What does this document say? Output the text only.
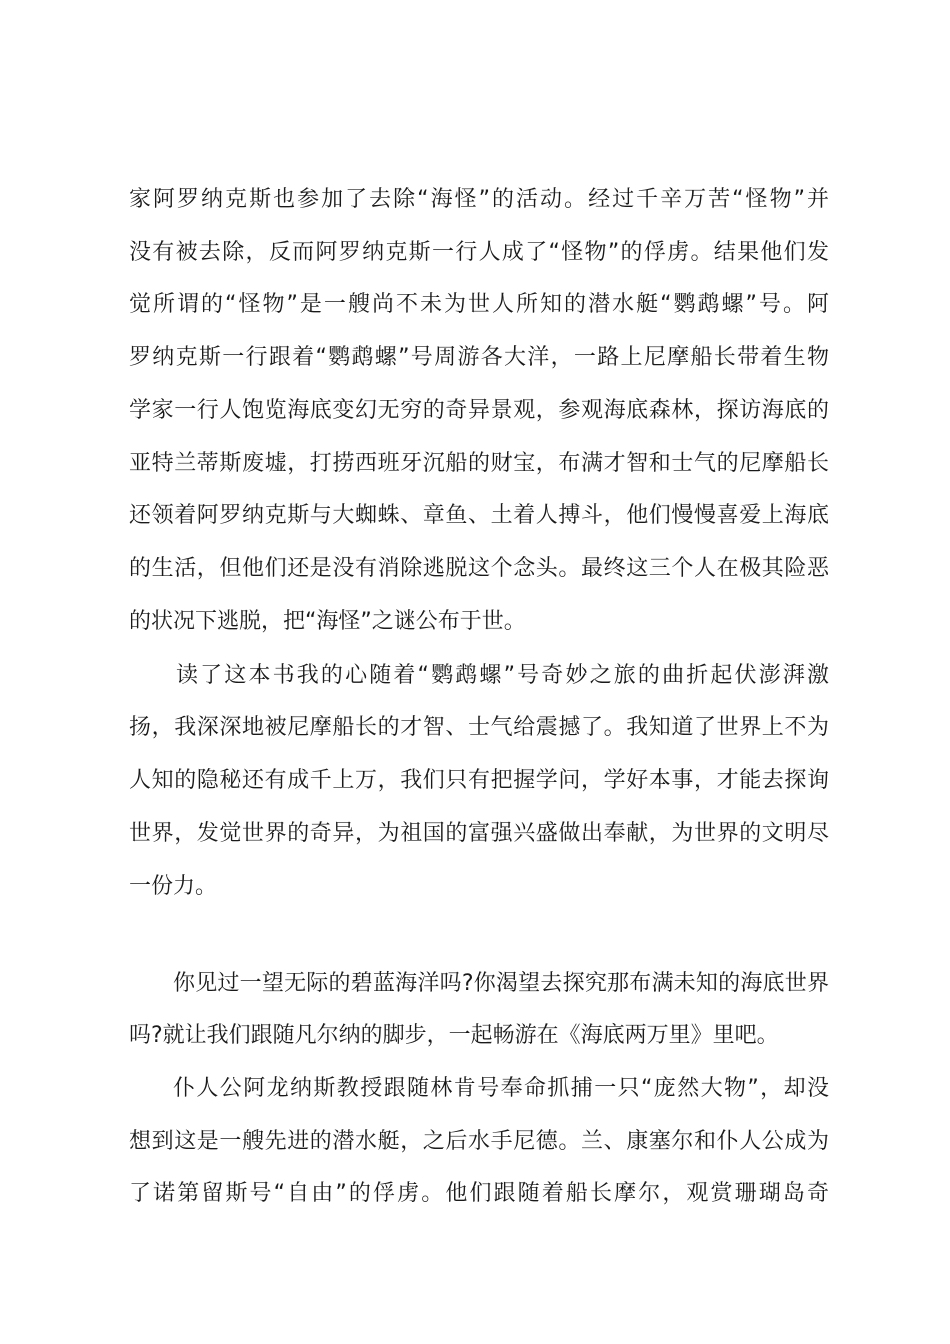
家阿罗纳克斯也参加了去除“海怪”的活动。经过千辛万苦“怪物”并
没有被去除，反而阿罗纳克斯一行人成了“怪物”的俘虏。结果他们发
觉所谓的“怪物”是一艘尚不未为世人所知的潜水艇“鹦鹉螺”号。阿
罗纳克斯一行跟着“鹦鹉螺”号周游各大洋，一路上尼摩船长带着生物
学家一行人饱览海底变幻无穷的奇异景观，参观海底森林，探访海底的
亚特兰蒂斯废墟，打捞西班牙沉船的财宝，布满才智和士气的尼摩船长
还领着阿罗纳克斯与大蜘蛛、章鱼、土着人搏斗，他们慢慢喜爱上海底
的生活，但他们还是没有消除逃脱这个念头。最终这三个人在极其险恶
的状况下逃脱，把“海怪”之谜公布于世。
读了这本书我的心随着“鹦鹉螺”号奇妙之旅的曲折起伏澎湃激
扬，我深深地被尼摩船长的才智、士气给震撼了。我知道了世界上不为
人知的隐秘还有成千上万，我们只有把握学问，学好本事，才能去探询
世界，发觉世界的奇异，为祖国的富强兴盛做出奉献，为世界的文明尽
一份力。
你见过一望无际的碧蓝海洋吗?你渴望去探究那布满未知的海底世界
吗?就让我们跟随凡尔纳的脚步，一起畅游在《海底两万里》里吧。
仆人公阿龙纳斯教授跟随林肯号奉命抓捕一只“庞然大物”，却没
想到这是一艘先进的潜水艇，之后水手尼德。兰、康塞尔和仆人公成为
了诺第留斯号“自由”的俘虏。他们跟随着船长摩尔，观赏珊瑚岛奇
